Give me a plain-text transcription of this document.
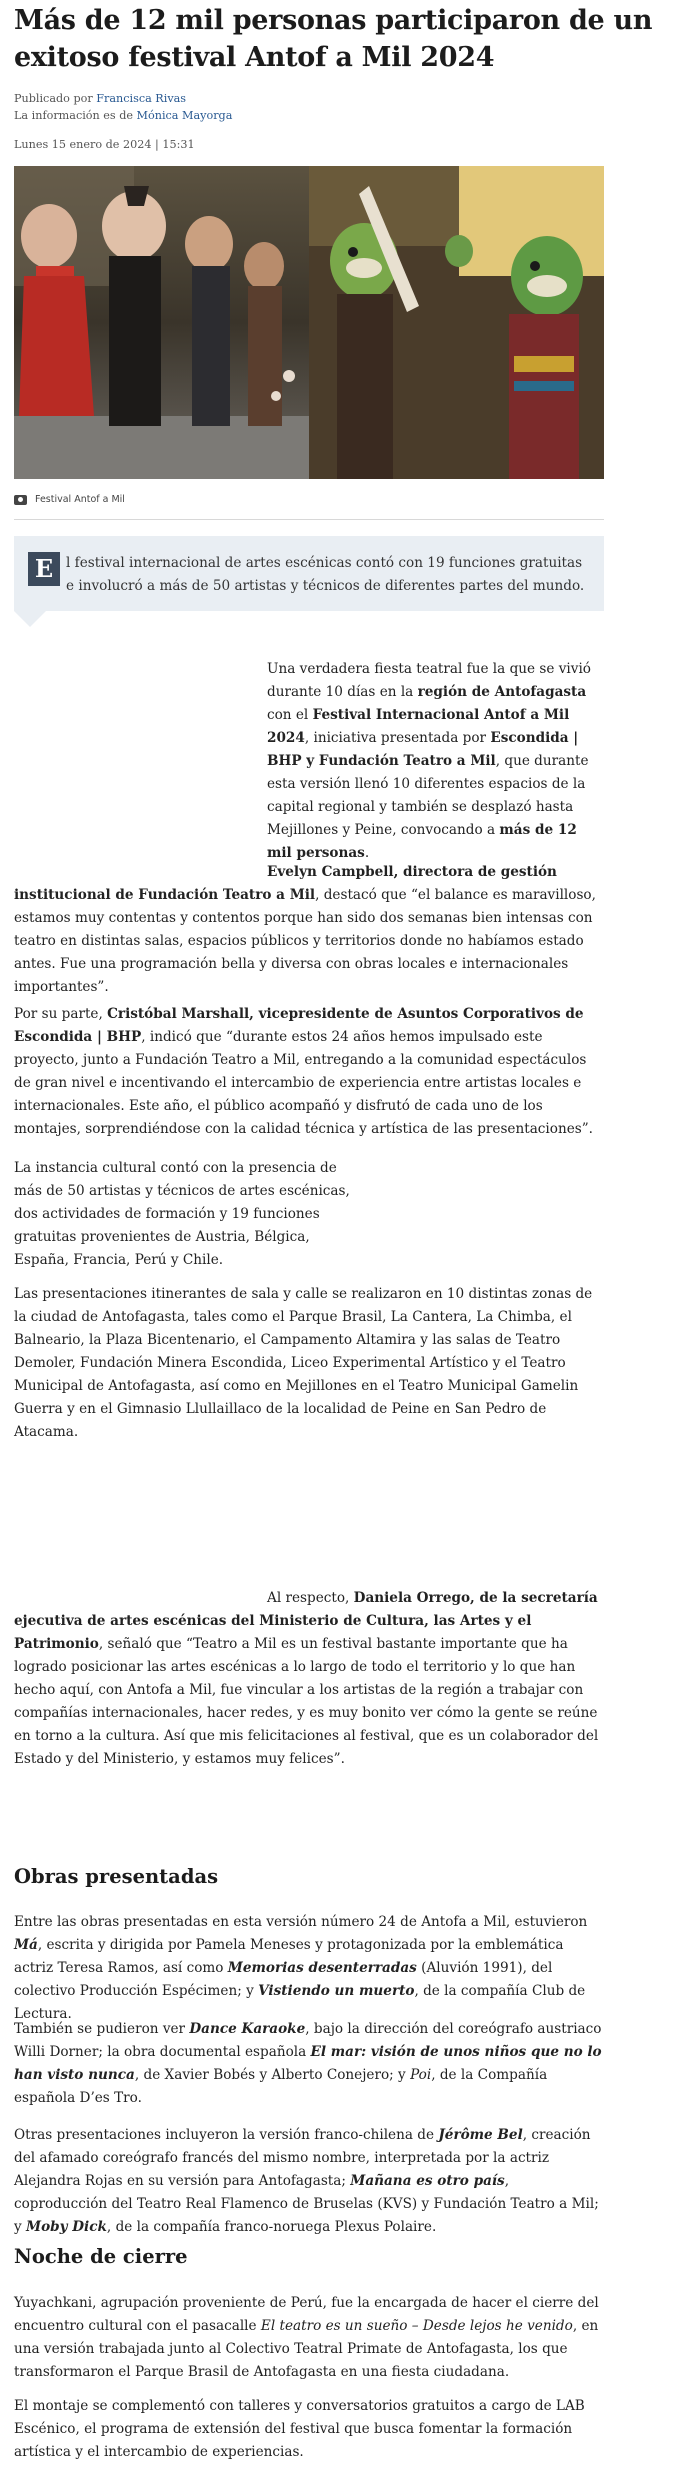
Más de 12 mil personas participaron de un exitoso festival Antof a Mil 2024
Publicado por Francisca Rivas
La información es de Mónica Mayorga
Lunes 15 enero de 2024 | 15:31
Festival Antof a Mil
E l festival internacional de artes escénicas contó con 19 funciones gratuitas e involucró a más de 50 artistas y técnicos de diferentes partes del mundo.
Una verdadera fiesta teatral fue la que se vivió durante 10 días en la región de Antofagasta con el Festival Internacional Antof a Mil 2024, iniciativa presentada por Escondida | BHP y Fundación Teatro a Mil, que durante esta versión llenó 10 diferentes espacios de la capital regional y también se desplazó hasta Mejillones y Peine, convocando a más de 12 mil personas.
Evelyn Campbell, directora de gestión institucional de Fundación Teatro a Mil, destacó que “el balance es maravilloso, estamos muy contentas y contentos porque han sido dos semanas bien intensas con teatro en distintas salas, espacios públicos y territorios donde no habíamos estado antes. Fue una programación bella y diversa con obras locales e internacionales importantes”.
Por su parte, Cristóbal Marshall, vicepresidente de Asuntos Corporativos de Escondida | BHP, indicó que “durante estos 24 años hemos impulsado este proyecto, junto a Fundación Teatro a Mil, entregando a la comunidad espectáculos de gran nivel e incentivando el intercambio de experiencia entre artistas locales e internacionales. Este año, el público acompañó y disfrutó de cada uno de los montajes, sorprendiéndose con la calidad técnica y artística de las presentaciones”.
La instancia cultural contó con la presencia de más de 50 artistas y técnicos de artes escénicas, dos actividades de formación y 19 funciones gratuitas provenientes de Austria, Bélgica, España, Francia, Perú y Chile.
Las presentaciones itinerantes de sala y calle se realizaron en 10 distintas zonas de la ciudad de Antofagasta, tales como el Parque Brasil, La Cantera, La Chimba, el Balneario, la Plaza Bicentenario, el Campamento Altamira y las salas de Teatro Demoler, Fundación Minera Escondida, Liceo Experimental Artístico y el Teatro Municipal de Antofagasta, así como en Mejillones en el Teatro Municipal Gamelin Guerra y en el Gimnasio Llullaillaco de la localidad de Peine en San Pedro de Atacama.
Al respecto, Daniela Orrego, de la secretaría ejecutiva de artes escénicas del Ministerio de Cultura, las Artes y el Patrimonio, señaló que “Teatro a Mil es un festival bastante importante que ha logrado posicionar las artes escénicas a lo largo de todo el territorio y lo que han hecho aquí, con Antofa a Mil, fue vincular a los artistas de la región a trabajar con compañías internacionales, hacer redes, y es muy bonito ver cómo la gente se reúne en torno a la cultura. Así que mis felicitaciones al festival, que es un colaborador del Estado y del Ministerio, y estamos muy felices”.
Obras presentadas
Entre las obras presentadas en esta versión número 24 de Antofa a Mil, estuvieron Má, escrita y dirigida por Pamela Meneses y protagonizada por la emblemática actriz Teresa Ramos, así como Memorias desenterradas (Aluvión 1991), del colectivo Producción Espécimen; y Vistiendo un muerto, de la compañía Club de Lectura.
También se pudieron ver Dance Karaoke, bajo la dirección del coreógrafo austriaco Willi Dorner; la obra documental española El mar: visión de unos niños que no lo han visto nunca, de Xavier Bobés y Alberto Conejero; y Poi, de la Compañía española D’es Tro.
Otras presentaciones incluyeron la versión franco-chilena de Jérôme Bel, creación del afamado coreógrafo francés del mismo nombre, interpretada por la actriz Alejandra Rojas en su versión para Antofagasta; Mañana es otro país, coproducción del Teatro Real Flamenco de Bruselas (KVS) y Fundación Teatro a Mil; y Moby Dick, de la compañía franco-noruega Plexus Polaire.
Noche de cierre
Yuyachkani, agrupación proveniente de Perú, fue la encargada de hacer el cierre del encuentro cultural con el pasacalle El teatro es un sueño – Desde lejos he venido, en una versión trabajada junto al Colectivo Teatral Primate de Antofagasta, los que transformaron el Parque Brasil de Antofagasta en una fiesta ciudadana.
El montaje se complementó con talleres y conversatorios gratuitos a cargo de LAB Escénico, el programa de extensión del festival que busca fomentar la formación artística y el intercambio de experiencias.
